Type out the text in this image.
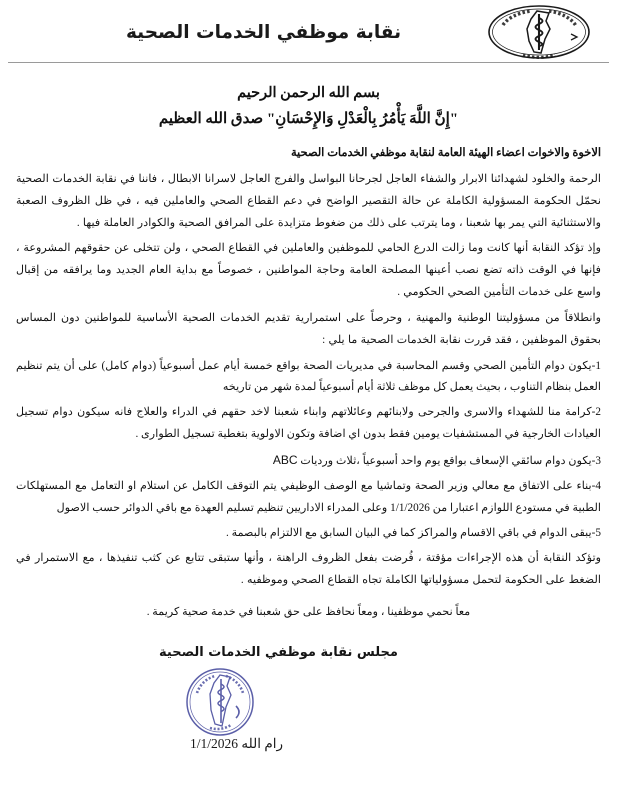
نقابة موظفي الخدمات الصحية
بسم الله الرحمن الرحيم
"إِنَّ اللَّهَ يَأْمُرُ بِالْعَدْلِ وَالإِحْسَانِ" صدق الله العظيم
الاخوة والاخوات اعضاء الهيئة العامة لنقابة موظفي الخدمات الصحية

الرحمة والخلود لشهدائنا الابرار والشفاء العاجل لجرحانا البواسل والفرج العاجل لاسرانا الابطال ، فاننا في نقابة الخدمات الصحية نحمّل الحكومة المسؤولية الكاملة عن حالة التقصير الواضح في دعم القطاع الصحي والعاملين فيه ، في ظل الظروف الصعبة والاستثنائية التي يمر بها شعبنا ، وما يترتب على ذلك من ضغوط متزايدة على المرافق الصحية والكوادر العاملة فيها .

وإذ تؤكد النقابة أنها كانت وما زالت الدرع الحامي للموظفين والعاملين في القطاع الصحي ، ولن تتخلى عن حقوقهم المشروعة ، فإنها في الوقت ذاته تضع نصب أعينها المصلحة العامة وحاجة المواطنين ، خصوصاً مع بداية العام الجديد وما يرافقه من إقبال واسع على خدمات التأمين الصحي الحكومي .

وانطلاقاً من مسؤوليتنا الوطنية والمهنية ، وحرصاً على استمرارية تقديم الخدمات الصحية الأساسية للمواطنين دون المساس بحقوق الموظفين ، فقد قررت نقابة الخدمات الصحية ما يلي :

1-يكون دوام التأمين الصحي وقسم المحاسبة في مديريات الصحة بواقع خمسة أيام عمل أسبوعياً (دوام كامل) على أن يتم تنظيم العمل بنظام التناوب ، بحيث يعمل كل موظف ثلاثة أيام أسبوعياً لمدة شهر من تاريخه
2-كرامة منا للشهداء والاسرى والجرحى ولابنائهم وعائلاتهم وابناء شعبنا لاخد حقهم في الدراء والعلاج فانه سيكون دوام تسجيل العيادات الخارجية في المستشفيات يومين فقط بدون اي اضافة وتكون الاولوية بتغطية تسجيل الطوارى .
3-يكون دوام سائقي الإسعاف بواقع يوم واحد أسبوعياً ،ثلاث ورديات ABC
4-بناء على الاتفاق مع معالي وزير الصحة وتماشيا مع الوصف الوظيفي يتم التوقف الكامل عن استلام او التعامل مع المستهلكات الطبية في مستودع اللوازم اعتبارا من 1/1/2026 وعلى المدراء الاداريين تنظيم تسليم العهدة مع باقي الدوائر حسب الاصول
5-يبقى الدوام في باقي الاقسام والمراكز كما في البيان السابق مع الالتزام بالبصمة .

وتؤكد النقابة أن هذه الإجراءات مؤقتة ، فُرضت بفعل الظروف الراهنة ، وأنها ستبقى تتابع عن كثب تنفيذها ، مع الاستمرار في الضغط على الحكومة لتحمل مسؤولياتها الكاملة تجاه القطاع الصحي وموظفيه .

معاً نحمي موظفينا ، ومعاً نحافظ على حق شعبنا في خدمة صحية كريمة .
مجلس نقابة موظفي الخدمات الصحية
رام الله 1/1/2026
